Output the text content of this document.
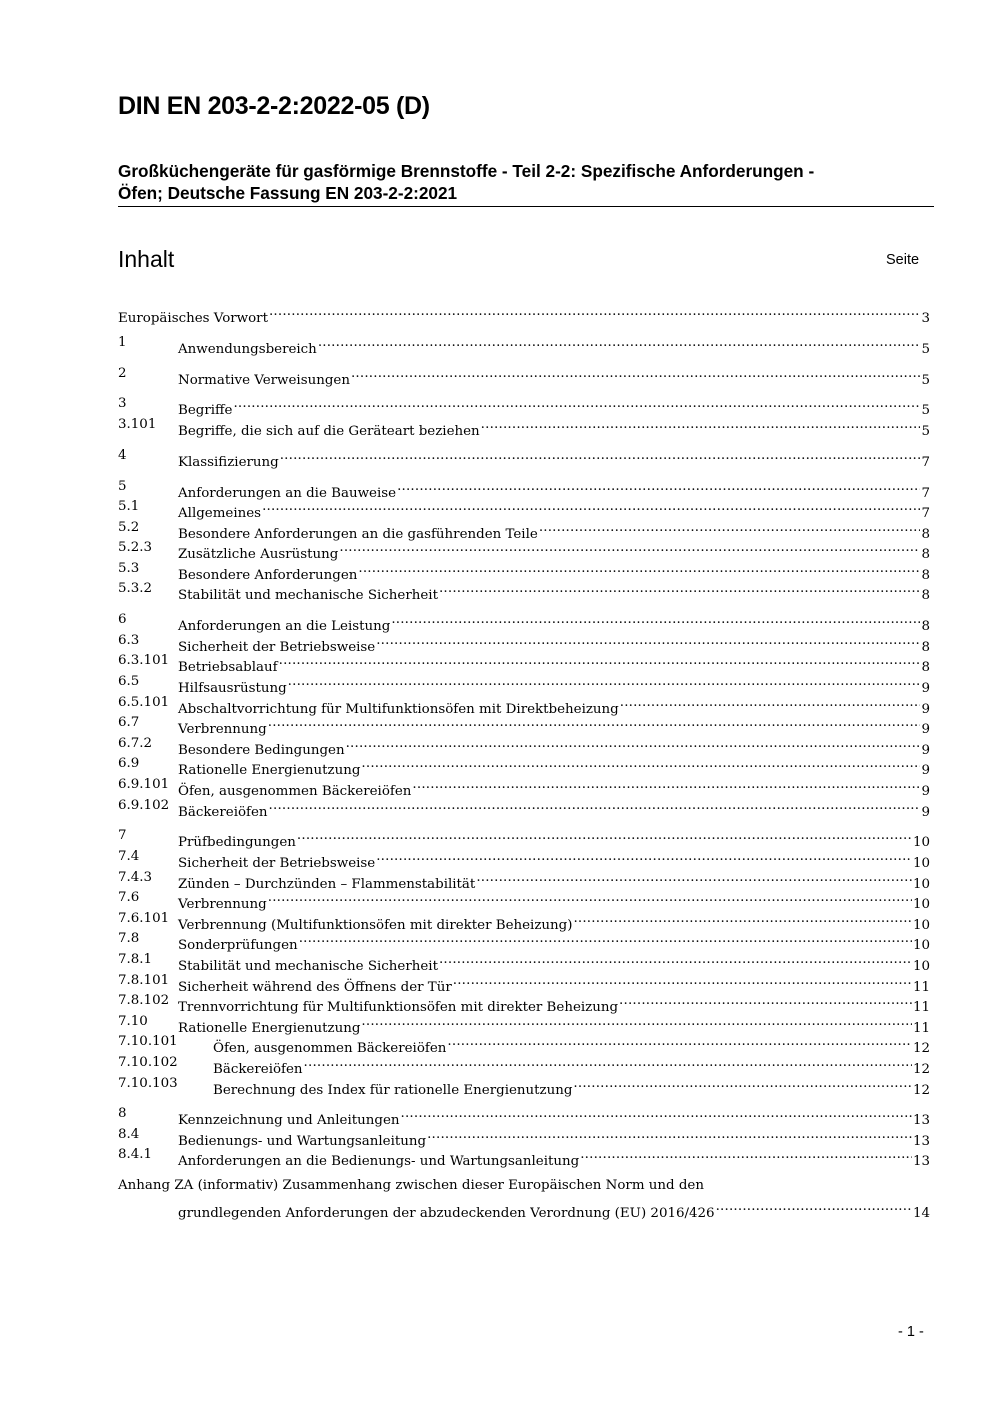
DIN EN 203-2-2:2022-05 (D)
Großküchengeräte für gasförmige Brennstoffe - Teil 2-2: Spezifische Anforderungen -
Öfen; Deutsche Fassung EN 203-2-2:2021
Inhalt	Seite
Europäisches Vorwort .....	3
1	Anwendungsbereich .....	5
2	Normative Verweisungen .....	5
3	Begriffe .....	5
3.101 Begriffe, die sich auf die Geräteart beziehen .....	5
4	Klassifizierung .....	7
5	Anforderungen an die Bauweise .....	7
5.1	Allgemeines .....	7
5.2	Besondere Anforderungen an die gasführenden Teile .....	8
5.2.3 Zusätzliche Ausrüstung .....	8
5.3	Besondere Anforderungen .....	8
5.3.2 Stabilität und mechanische Sicherheit .....	8
6	Anforderungen an die Leistung .....	8
6.3	Sicherheit der Betriebsweise .....	8
6.3.101 Betriebsablauf .....	8
6.5	Hilfsausrüstung .....	9
6.5.101 Abschaltvorrichtung für Multifunktionsöfen mit Direktbeheizung .....	9
6.7	Verbrennung .....	9
6.7.2 Besondere Bedingungen .....	9
6.9	Rationelle Energienutzung .....	9
6.9.101 Öfen, ausgenommen Bäckereiöfen .....	9
6.9.102 Bäckereiöfen .....	9
7	Prüfbedingungen .....	10
7.4	Sicherheit der Betriebsweise .....	10
7.4.3 Zünden – Durchzünden – Flammenstabilität .....	10
7.6	Verbrennung .....	10
7.6.101 Verbrennung (Multifunktionsöfen mit direkter Beheizung) .....	10
7.8	Sonderprüfungen .....	10
7.8.1 Stabilität und mechanische Sicherheit .....	10
7.8.101 Sicherheit während des Öffnens der Tür .....	11
7.8.102 Trennvorrichtung für Multifunktionsöfen mit direkter Beheizung .....	11
7.10 Rationelle Energienutzung .....	11
7.10.101	Öfen, ausgenommen Bäckereiöfen .....	12
7.10.102	Bäckereiöfen .....	12
7.10.103	Berechnung des Index für rationelle Energienutzung .....	12
8	Kennzeichnung und Anleitungen .....	13
8.4	Bedienungs- und Wartungsanleitung .....	13
8.4.1 Anforderungen an die Bedienungs- und Wartungsanleitung .....	13
Anhang ZA (informativ) Zusammenhang zwischen dieser Europäischen Norm und den
grundlegenden Anforderungen der abzudeckenden Verordnung (EU) 2016/426 .....	14
- 1 -
